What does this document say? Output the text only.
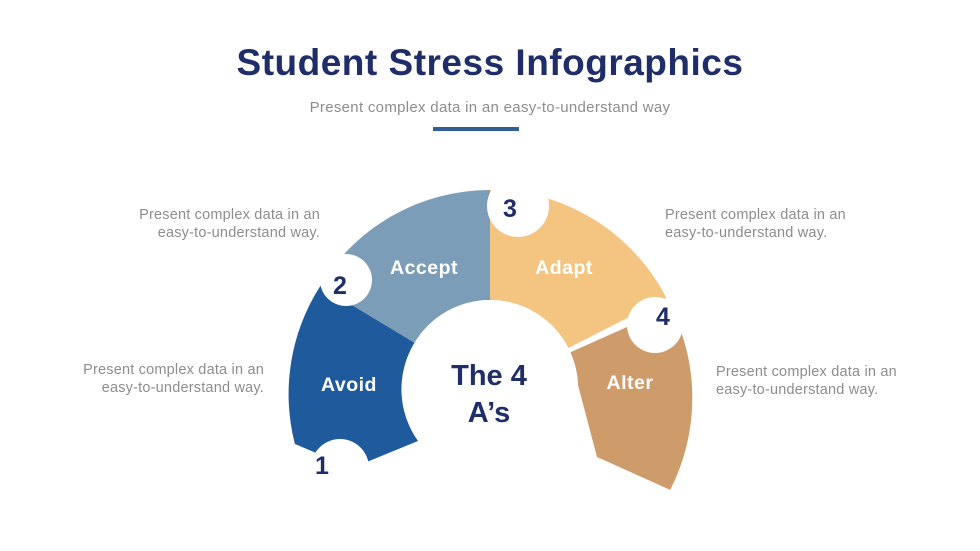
Student Stress Infographics
Present complex data in an easy-to-understand way
Present complex data in an
easy-to-understand way.
Present complex data in an
easy-to-understand way.
Present complex data in an
easy-to-understand way.
Present complex data in an
easy-to-understand way.
1
2
3
4
Avoid
Accept	Adapt
Alter
The 4
A’s
